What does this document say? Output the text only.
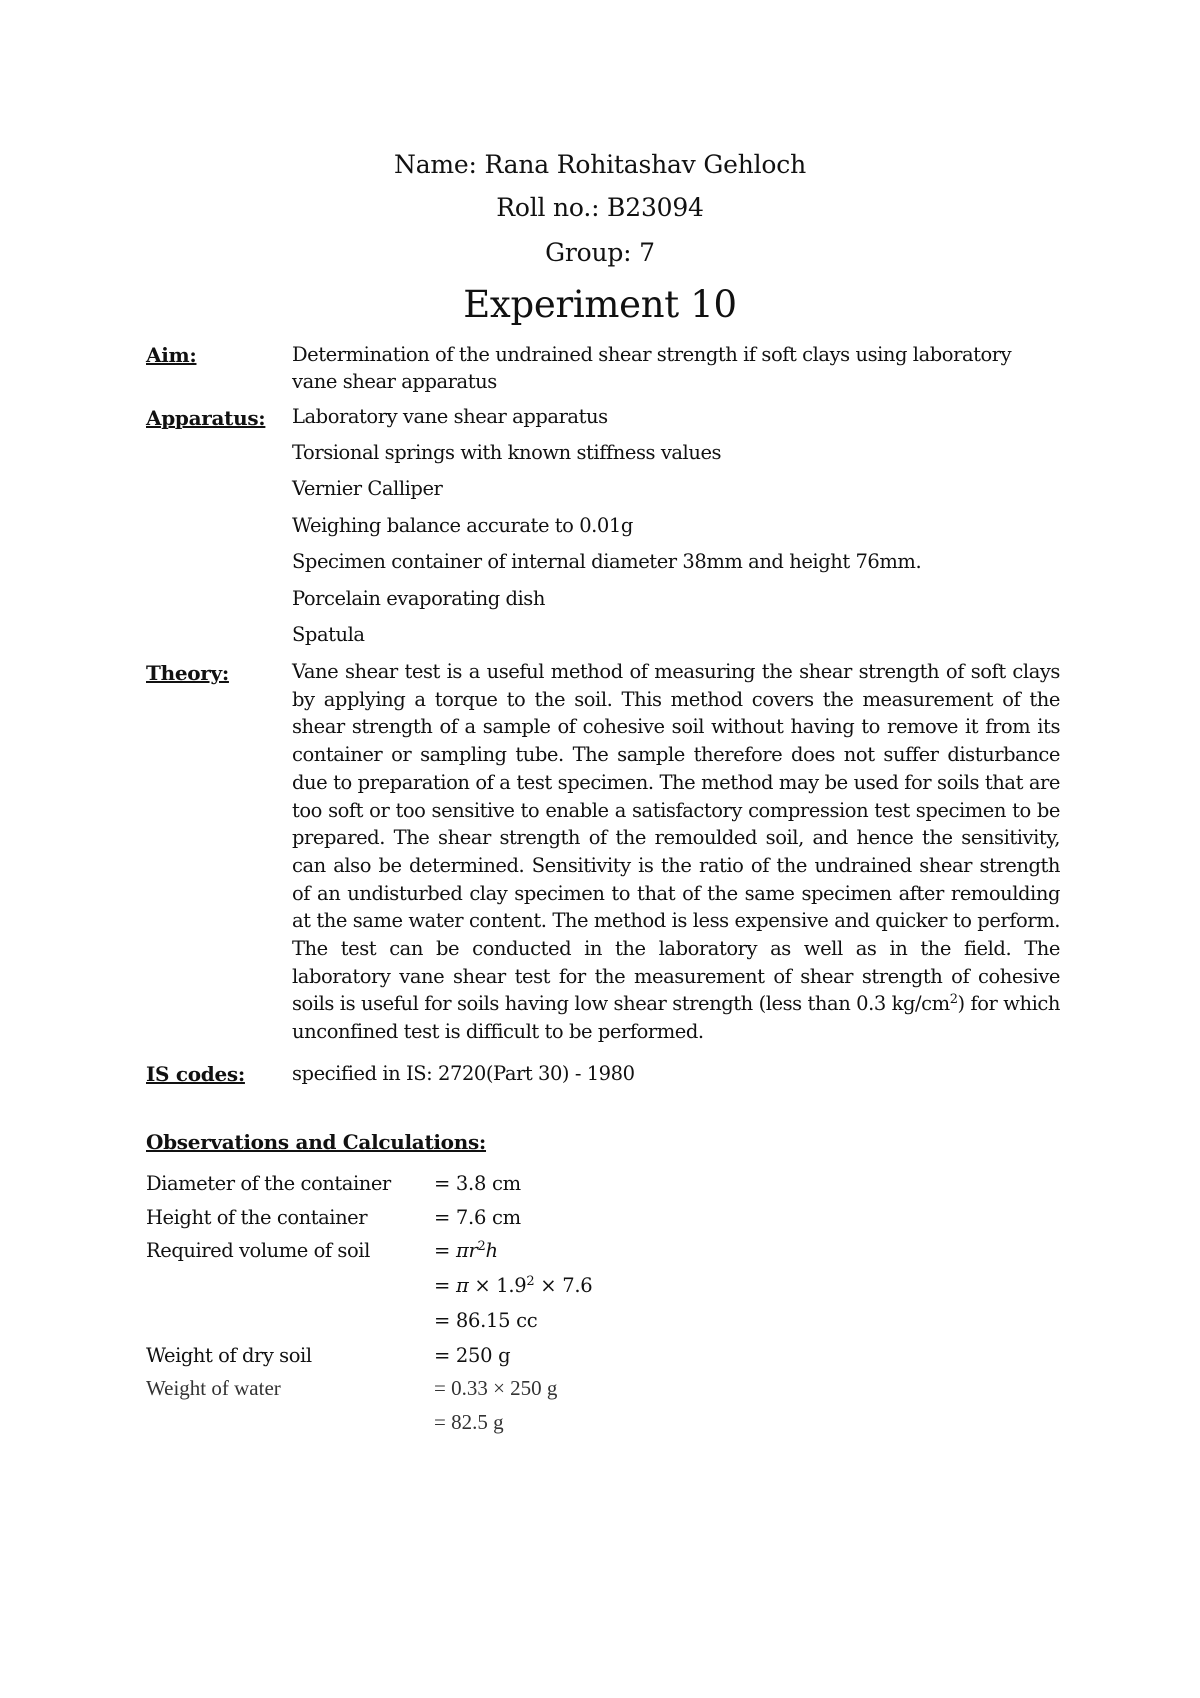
Name: Rana Rohitashav Gehloch
Roll no.: B23094
Group: 7
Experiment 10
Aim:	Determination of the undrained shear strength if soft clays using laboratory vane shear apparatus
Apparatus: Laboratory vane shear apparatus
Torsional springs with known stiffness values
Vernier Calliper
Weighing balance accurate to 0.01g
Specimen container of internal diameter 38mm and height 76mm.
Porcelain evaporating dish
Spatula
Theory:	Vane shear test is a useful method of measuring the shear strength of soft clays by applying a torque to the soil. This method covers the measurement of the shear strength of a sample of cohesive soil without having to remove it from its container or sampling tube. The sample therefore does not suffer disturbance due to preparation of a test specimen. The method may be used for soils that are too soft or too sensitive to enable a satisfactory compression test specimen to be prepared. The shear strength of the remoulded soil, and hence the sensitivity, can also be determined. Sensitivity is the ratio of the undrained shear strength of an undisturbed clay specimen to that of the same specimen after remoulding at the same water content. The method is less expensive and quicker to perform. The test can be conducted in the laboratory as well as in the field. The laboratory vane shear test for the measurement of shear strength of cohesive soils is useful for soils having low shear strength (less than 0.3 $kg/cm^2$) for which unconfined test is difficult to be performed.
IS codes: specified in IS: 2720(Part 30) - 1980
Observations and Calculations:
Diameter of the container = 3.8 cm
Height of the container	= 7.6 cm
Required volume of soil	= $\pi r^2h$
= $\pi \times 1.9^2 \times 7.6$
= 86.15 cc
Weight of dry soil	= 250 g
Weight of water	= 0.33 × 250 g
= 82.5 g
